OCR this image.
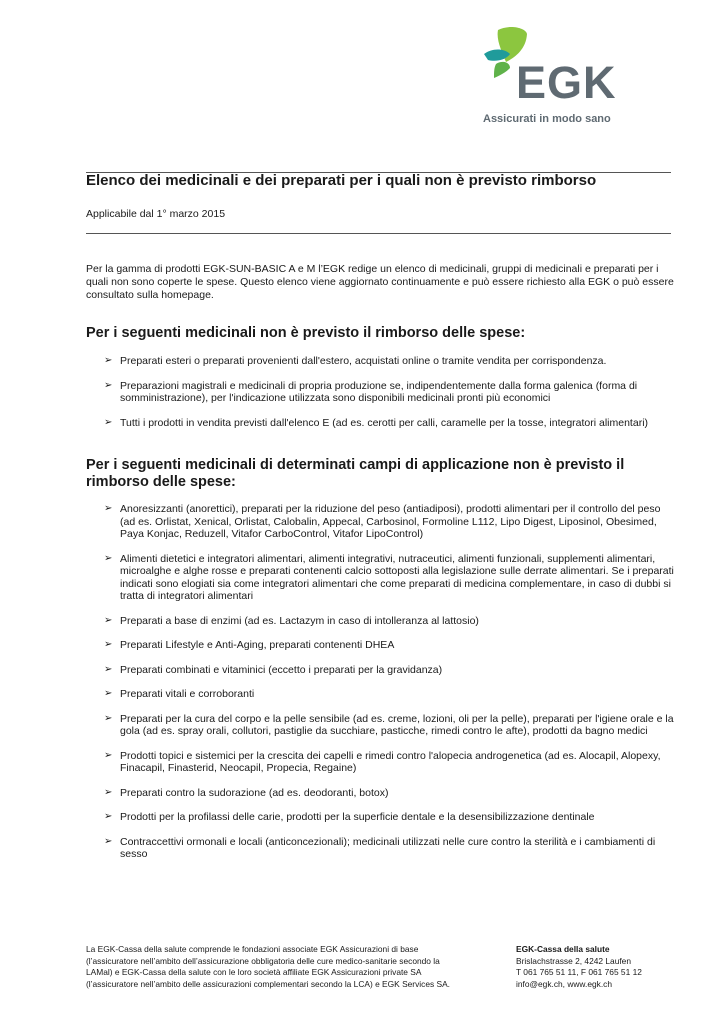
EGK
Assicurati in modo sano
Elenco dei medicinali e dei preparati per i quali non è previsto rimborso

Applicabile dal 1° marzo 2015

Per la gamma di prodotti EGK-SUN-BASIC A e M l’EGK redige un elenco di medicinali, gruppi di medicinali e preparati per i quali non sono coperte le spese. Questo elenco viene aggiornato continuamente e può essere richiesto alla EGK o può essere consultato sulla homepage.

Per i seguenti medicinali non è previsto il rimborso delle spese:
➢ Preparati esteri o preparati provenienti dall'estero, acquistati online o tramite vendita per corrispondenza.
➢ Preparazioni magistrali e medicinali di propria produzione se, indipendentemente dalla forma galenica (forma di somministrazione), per l'indicazione utilizzata sono disponibili medicinali pronti più economici
➢ Tutti i prodotti in vendita previsti dall'elenco E (ad es. cerotti per calli, caramelle per la tosse, integratori alimentari)
Per i seguenti medicinali di determinati campi di applicazione non è previsto il rimborso delle spese:
➢ Anoresizzanti (anorettici), preparati per la riduzione del peso (antiadiposi), prodotti alimentari per il controllo del peso (ad es. Orlistat, Xenical, Orlistat, Calobalin, Appecal, Carbosinol, Formoline L112, Lipo Digest, Liposinol, Obesimed, Paya Konjac, Reduzell, Vitafor CarboControl, Vitafor LipoControl)
➢ Alimenti dietetici e integratori alimentari, alimenti integrativi, nutraceutici, alimenti funzionali, supplementi alimentari, microalghe e alghe rosse e preparati contenenti calcio sottoposti alla legislazione sulle derrate alimentari. Se i preparati indicati sono elogiati sia come integratori alimentari che come preparati di medicina complementare, in caso di dubbi si tratta di integratori alimentari
➢ Preparati a base di enzimi (ad es. Lactazym in caso di intolleranza al lattosio)
➢ Preparati Lifestyle e Anti-Aging, preparati contenenti DHEA
➢ Preparati combinati e vitaminici (eccetto i preparati per la gravidanza)
➢ Preparati vitali e corroboranti
➢ Preparati per la cura del corpo e la pelle sensibile (ad es. creme, lozioni, oli per la pelle), preparati per l'igiene orale e la gola (ad es. spray orali, collutori, pastiglie da succhiare, pasticche, rimedi contro le afte), prodotti da bagno medici
➢ Prodotti topici e sistemici per la crescita dei capelli e rimedi contro l'alopecia androgenetica (ad es. Alocapil, Alopexy, Finacapil, Finasterid, Neocapil, Propecia, Regaine)
➢ Preparati contro la sudorazione (ad es. deodoranti, botox)
➢ Prodotti per la profilassi delle carie, prodotti per la superficie dentale e la desensibilizzazione dentinale
➢ Contraccettivi ormonali e locali (anticoncezionali); medicinali utilizzati nelle cure contro la sterilità e i cambiamenti di sesso

La EGK-Cassa della salute comprende le fondazioni associate EGK Assicurazioni di base (l’assicuratore nell’ambito dell’assicurazione obbligatoria delle cure medico-sanitarie secondo la LAMal) e EGK-Cassa della salute con le loro società affiliate EGK Assicurazioni private SA (l’assicuratore nell’ambito delle assicurazioni complementari secondo la LCA) e EGK Services SA.

EGK-Cassa della salute
Brislachstrasse 2, 4242 Laufen
T 061 765 51 11, F 061 765 51 12
info@egk.ch, www.egk.ch
